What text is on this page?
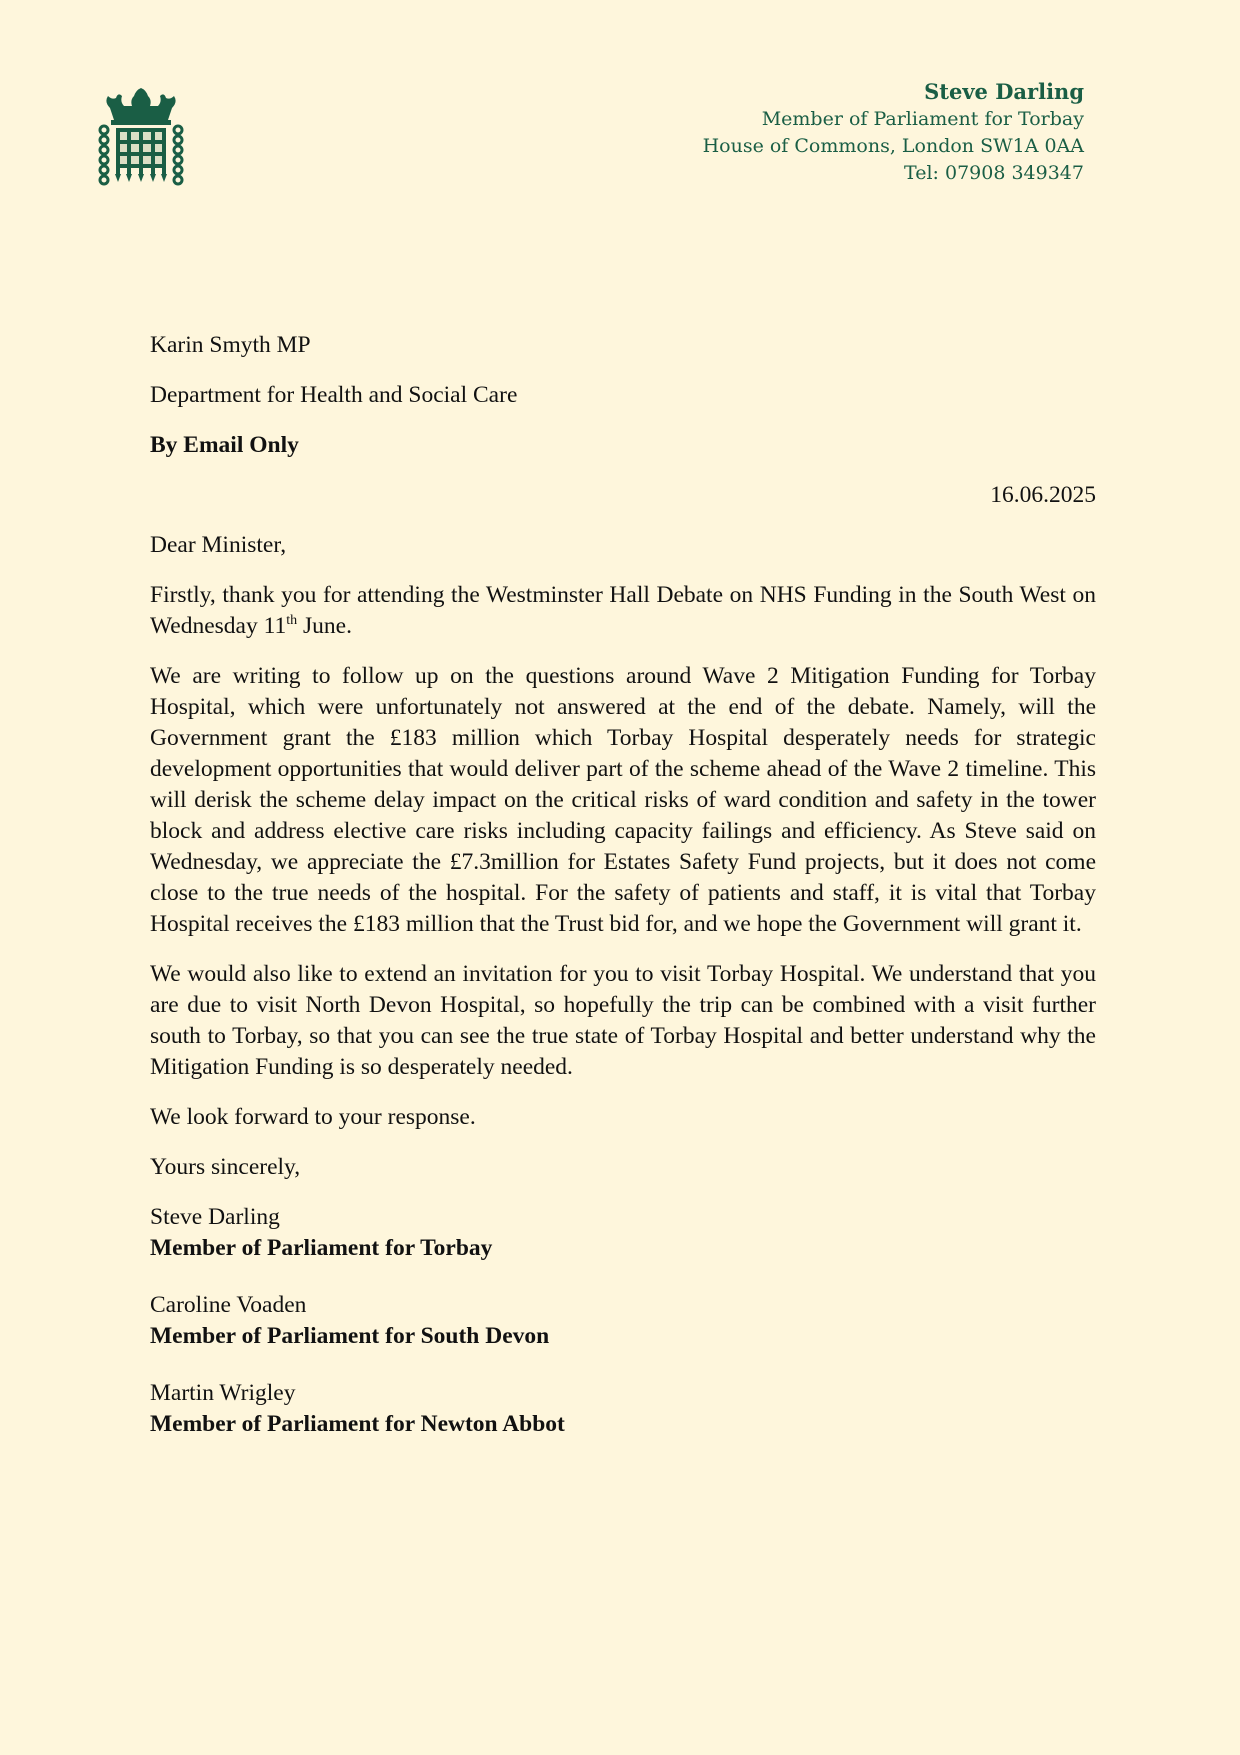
Steve Darling
Member of Parliament for Torbay
House of Commons, London SW1A 0AA
Tel: 07908 349347

Karin Smyth MP

Department for Health and Social Care

By Email Only

16.06.2025

Dear Minister,

Firstly, thank you for attending the Westminster Hall Debate on NHS Funding in the South West on Wednesday 11th June.

We are writing to follow up on the questions around Wave 2 Mitigation Funding for Torbay Hospital, which were unfortunately not answered at the end of the debate. Namely, will the Government grant the £183 million which Torbay Hospital desperately needs for strategic development opportunities that would deliver part of the scheme ahead of the Wave 2 timeline. This will derisk the scheme delay impact on the critical risks of ward condition and safety in the tower block and address elective care risks including capacity failings and efficiency. As Steve said on Wednesday, we appreciate the £7.3million for Estates Safety Fund projects, but it does not come close to the true needs of the hospital. For the safety of patients and staff, it is vital that Torbay Hospital receives the £183 million that the Trust bid for, and we hope the Government will grant it.

We would also like to extend an invitation for you to visit Torbay Hospital. We understand that you are due to visit North Devon Hospital, so hopefully the trip can be combined with a visit further south to Torbay, so that you can see the true state of Torbay Hospital and better understand why the Mitigation Funding is so desperately needed.

We look forward to your response.

Yours sincerely,

Steve Darling
Member of Parliament for Torbay
Caroline Voaden
Member of Parliament for South Devon
Martin Wrigley
Member of Parliament for Newton Abbot
